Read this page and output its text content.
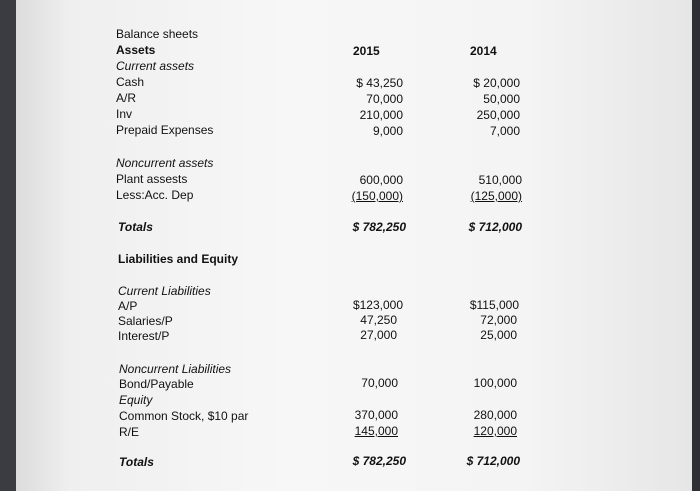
Balance sheets
Assets	2015	2014
Current assets
Cash	$ 43,250	$ 20,000
A/R	70,000	50,000
Inv	210,000	250,000
Prepaid Expenses	9,000	7,000
Noncurrent assets
Plant assests	600,000	510,000
Less:Acc. Dep	(150,000)	(125,000)
Totals	$ 782,250	$ 712,000
Liabilities and Equity
Current Liabilities
A/P	$123,000	$115,000
Salaries/P	47,250	72,000
Interest/P	27,000	25,000
Noncurrent Liabilities
Bond/Payable	70,000	100,000
Equity
Common Stock, $10 par	370,000	280,000
R/E	145,000	120,000
Totals	$ 782,250	$ 712,000
